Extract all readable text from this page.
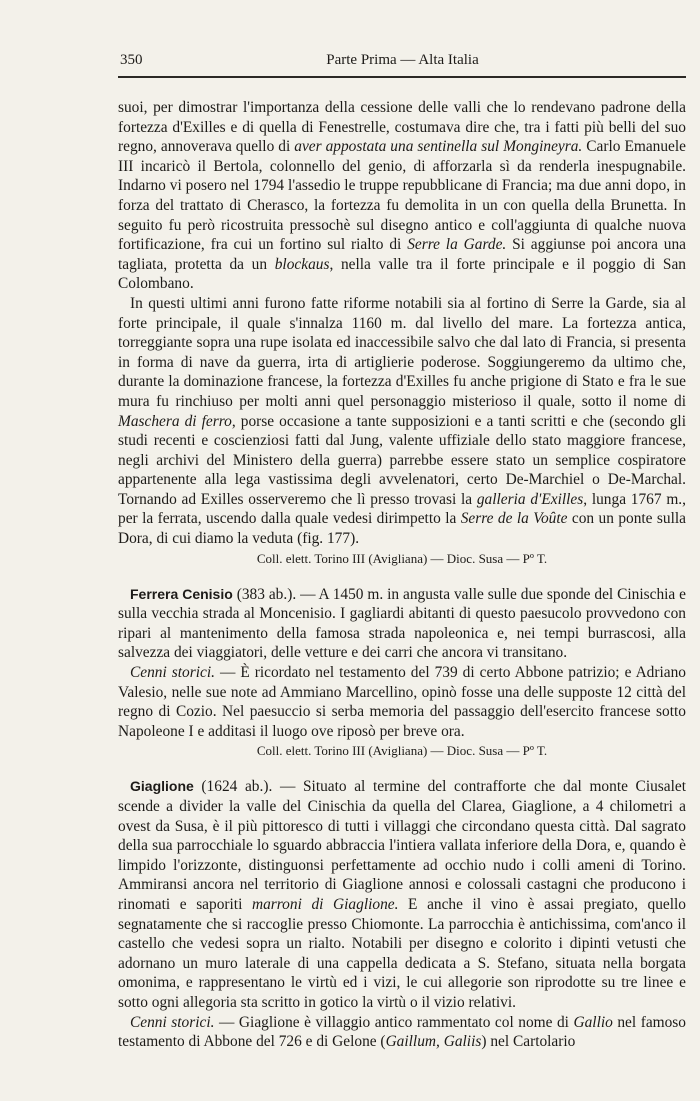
350	Parte Prima — Alta Italia

suoi, per dimostrar l'importanza della cessione delle valli che lo rendevano padrone della fortezza d'Exilles e di quella di Fenestrelle, costumava dire che, tra i fatti più belli del suo regno, annoverava quello di aver appostata una sentinella sul Mongineyra. Carlo Emanuele III incaricò il Bertola, colonnello del genio, di afforzarla sì da renderla inespugnabile. Indarno vi posero nel 1794 l'assedio le truppe repubblicane di Francia; ma due anni dopo, in forza del trattato di Cherasco, la fortezza fu demolita in un con quella della Brunetta. In seguito fu però ricostruita pressochè sul disegno antico e coll'aggiunta di qualche nuova fortificazione, fra cui un fortino sul rialto di Serre la Garde. Si aggiunse poi ancora una tagliata, protetta da un blockaus, nella valle tra il forte principale e il poggio di San Colombano.

In questi ultimi anni furono fatte riforme notabili sia al fortino di Serre la Garde, sia al forte principale, il quale s'innalza 1160 m. dal livello del mare. La fortezza antica, torreggiante sopra una rupe isolata ed inaccessibile salvo che dal lato di Francia, si presenta in forma di nave da guerra, irta di artiglierie poderose. Soggiungeremo da ultimo che, durante la dominazione francese, la fortezza d'Exilles fu anche prigione di Stato e fra le sue mura fu rinchiuso per molti anni quel personaggio misterioso il quale, sotto il nome di Maschera di ferro, porse occasione a tante supposizioni e a tanti scritti e che (secondo gli studi recenti e coscienziosi fatti dal Jung, valente uffiziale dello stato maggiore francese, negli archivi del Ministero della guerra) parrebbe essere stato un semplice cospiratore appartenente alla lega vastissima degli avvelenatori, certo De-Marchiel o De-Marchal. Tornando ad Exilles osserveremo che lì presso trovasi la galleria d'Exilles, lunga 1767 m., per la ferrata, uscendo dalla quale vedesi dirimpetto la Serre de la Voûte con un ponte sulla Dora, di cui diamo la veduta (fig. 177).

Coll. elett. Torino III (Avigliana) — Dioc. Susa — Pº T.

Ferrera Cenisio (383 ab.). — A 1450 m. in angusta valle sulle due sponde del Cinischia e sulla vecchia strada al Moncenisio. I gagliardi abitanti di questo paesucolo provvedono con ripari al mantenimento della famosa strada napoleonica e, nei tempi burrascosi, alla salvezza dei viaggiatori, delle vetture e dei carri che ancora vi transitano.

Cenni storici. — È ricordato nel testamento del 739 di certo Abbone patrizio; e Adriano Valesio, nelle sue note ad Ammiano Marcellino, opinò fosse una delle supposte 12 città del regno di Cozio. Nel paesuccio si serba memoria del passaggio dell'esercito francese sotto Napoleone I e additasi il luogo ove riposò per breve ora.

Coll. elett. Torino III (Avigliana) — Dioc. Susa — Pº T.

Giaglione (1624 ab.). — Situato al termine del contrafforte che dal monte Ciusalet scende a divider la valle del Cinischia da quella del Clarea, Giaglione, a 4 chilometri a ovest da Susa, è il più pittoresco di tutti i villaggi che circondano questa città. Dal sagrato della sua parrocchiale lo sguardo abbraccia l'intiera vallata inferiore della Dora, e, quando è limpido l'orizzonte, distinguonsi perfettamente ad occhio nudo i colli ameni di Torino. Ammiransi ancora nel territorio di Giaglione annosi e colossali castagni che producono i rinomati e saporiti marroni di Giaglione. E anche il vino è assai pregiato, quello segnatamente che si raccoglie presso Chiomonte. La parrocchia è antichissima, com'anco il castello che vedesi sopra un rialto. Notabili per disegno e colorito i dipinti vetusti che adornano un muro laterale di una cappella dedicata a S. Stefano, situata nella borgata omonima, e rappresentano le virtù ed i vizi, le cui allegorie son riprodotte su tre linee e sotto ogni allegoria sta scritto in gotico la virtù o il vizio relativi.

Cenni storici. — Giaglione è villaggio antico rammentato col nome di Gallio nel famoso testamento di Abbone del 726 e di Gelone (Gaillum, Galiis) nel Cartolario
